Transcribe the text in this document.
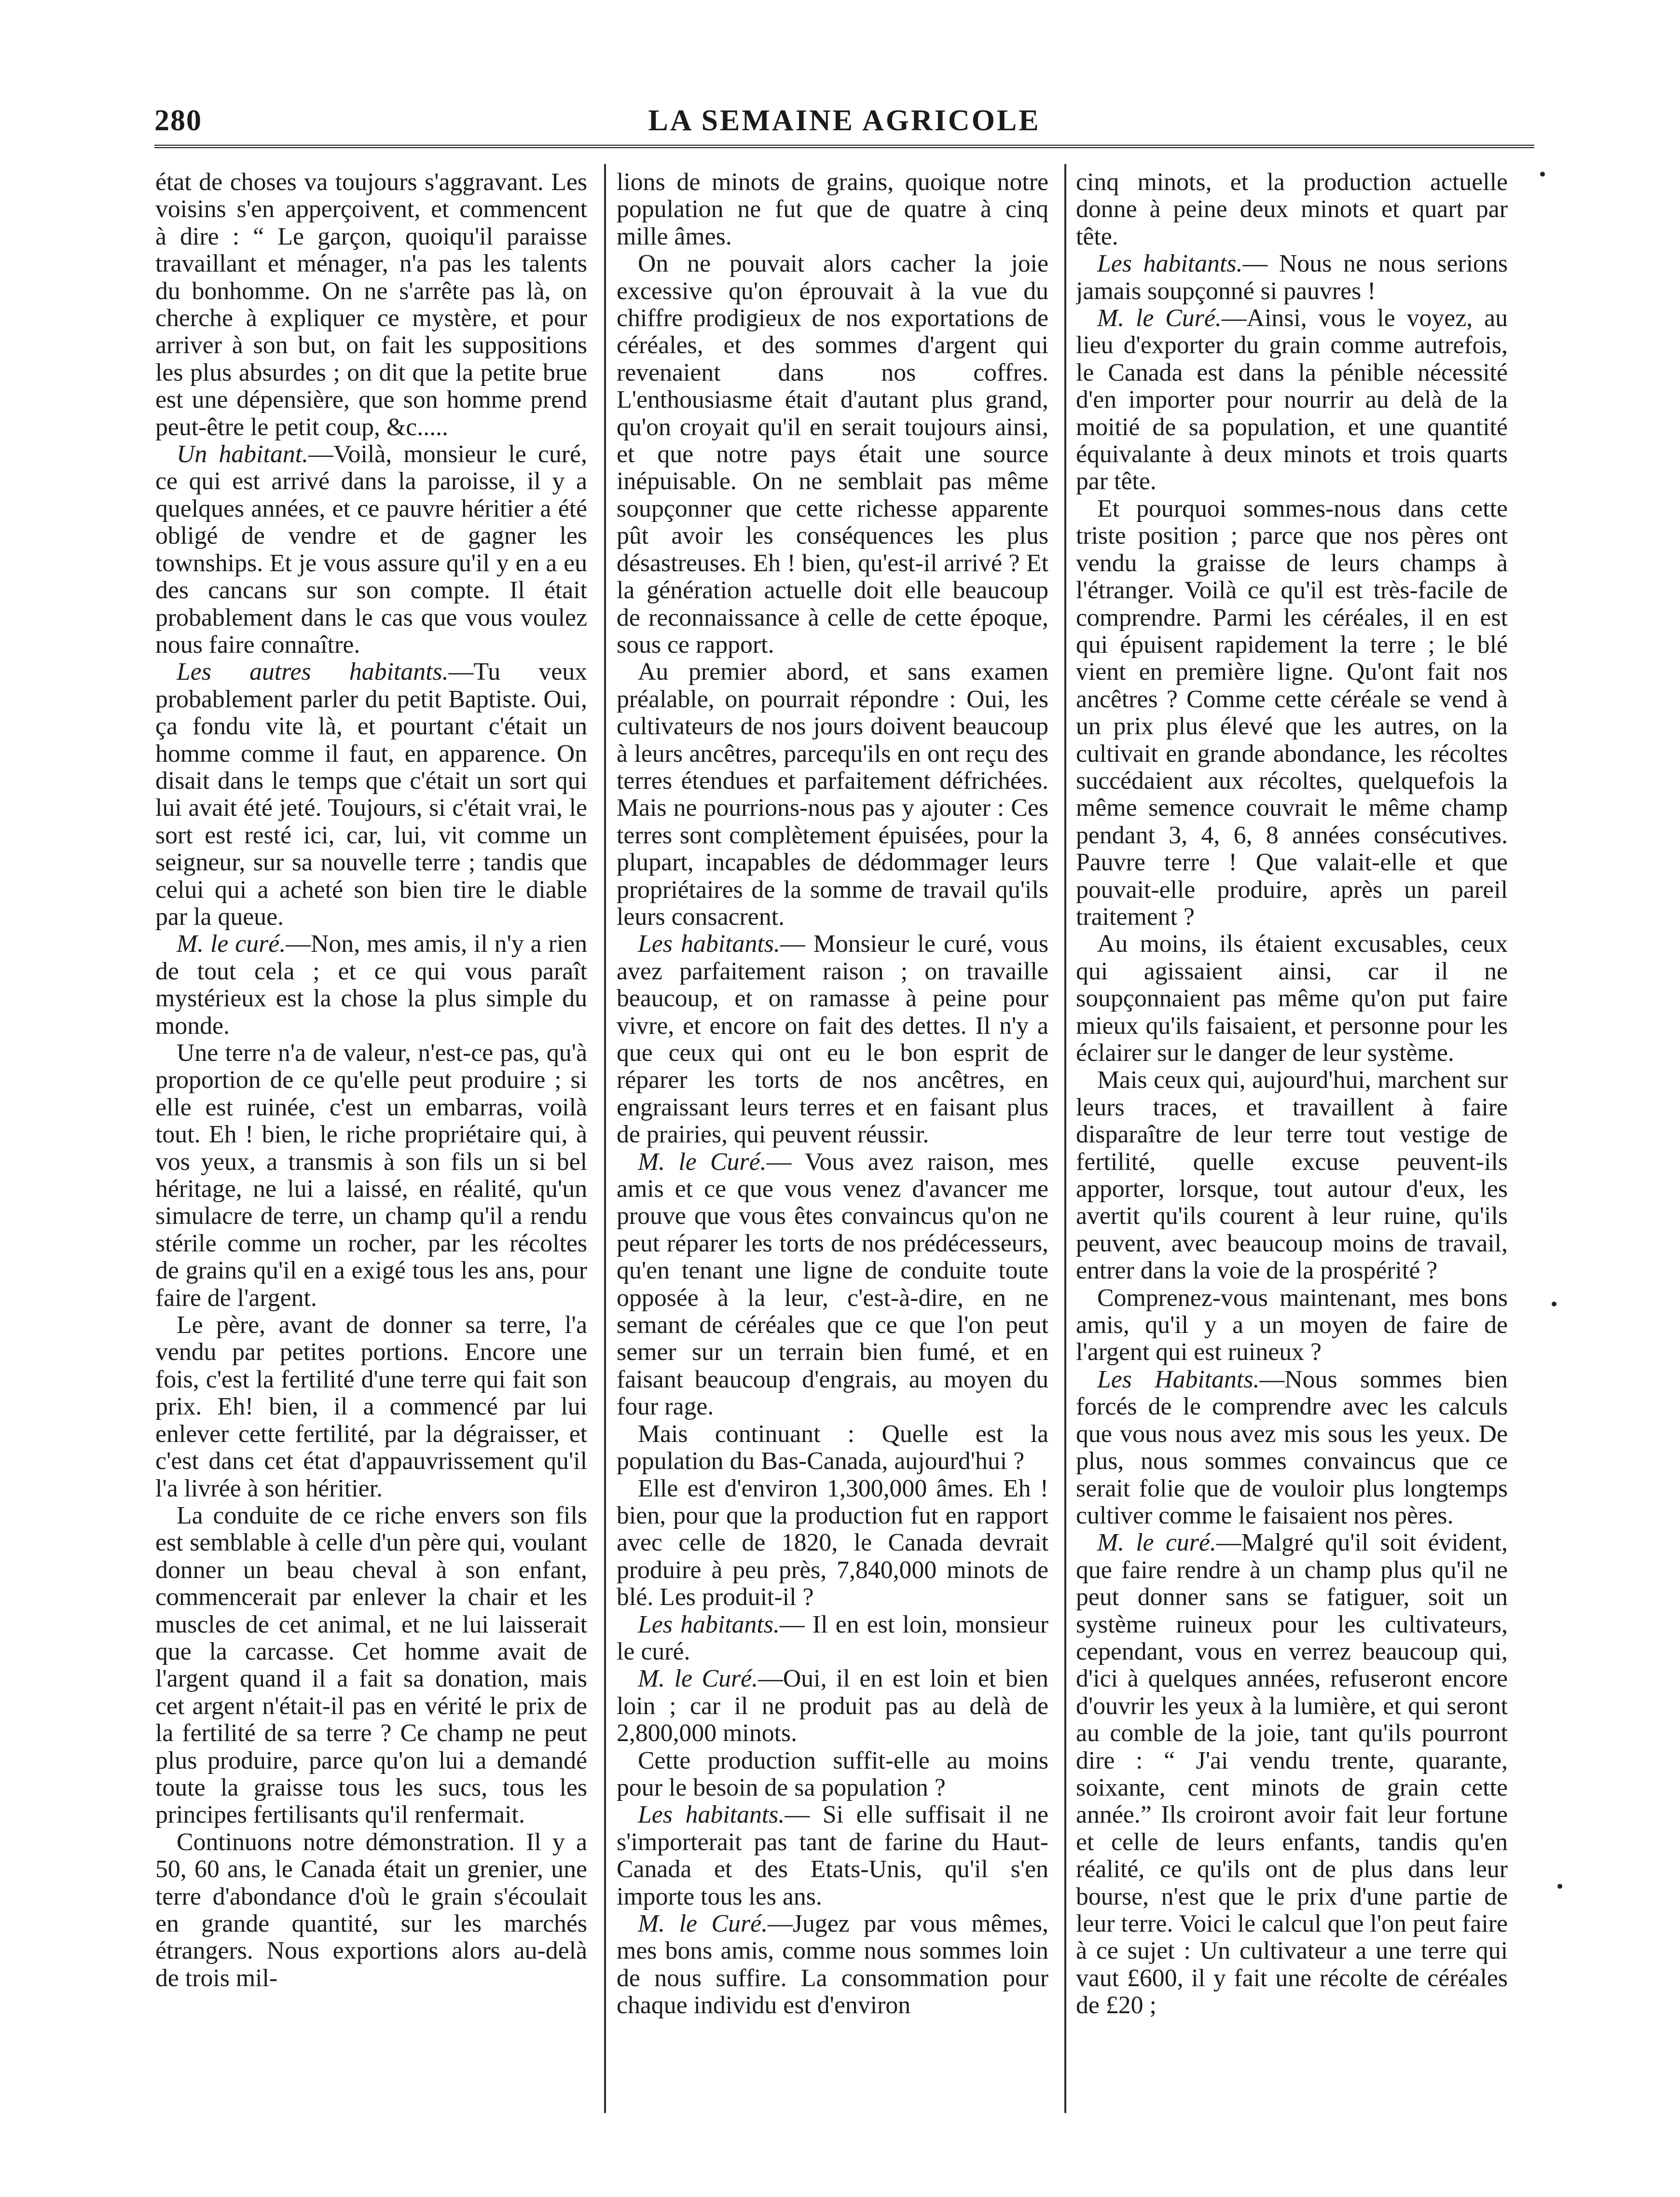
280	LA SEMAINE AGRICOLE

état de choses va toujours s'aggravant. Les voisins s'en apperçoivent, et commencent à dire : “ Le garçon, quoiqu'il paraisse travaillant et ménager, n'a pas les talents du bonhomme. On ne s'arrête pas là, on cherche à expliquer ce mystère, et pour arriver à son but, on fait les suppositions les plus absurdes ; on dit que la petite brue est une dépensière, que son homme prend peut-être le petit coup, &c.....

Un habitant.—Voilà, monsieur le curé, ce qui est arrivé dans la paroisse, il y a quelques années, et ce pauvre héritier a été obligé de vendre et de gagner les townships. Et je vous assure qu'il y en a eu des cancans sur son compte. Il était probablement dans le cas que vous voulez nous faire connaître.

Les autres habitants.—Tu veux probablement parler du petit Baptiste. Oui, ça fondu vite là, et pourtant c'était un homme comme il faut, en apparence. On disait dans le temps que c'était un sort qui lui avait été jeté. Toujours, si c'était vrai, le sort est resté ici, car, lui, vit comme un seigneur, sur sa nouvelle terre ; tandis que celui qui a acheté son bien tire le diable par la queue.

M. le curé.—Non, mes amis, il n'y a rien de tout cela ; et ce qui vous paraît mystérieux est la chose la plus simple du monde.

Une terre n'a de valeur, n'est-ce pas, qu'à proportion de ce qu'elle peut produire ; si elle est ruinée, c'est un embarras, voilà tout. Eh ! bien, le riche propriétaire qui, à vos yeux, a transmis à son fils un si bel héritage, ne lui a laissé, en réalité, qu'un simulacre de terre, un champ qu'il a rendu stérile comme un rocher, par les récoltes de grains qu'il en a exigé tous les ans, pour faire de l'argent.

Le père, avant de donner sa terre, l'a vendu par petites portions. Encore une fois, c'est la fertilité d'une terre qui fait son prix. Eh! bien, il a commencé par lui enlever cette fertilité, par la dégraisser, et c'est dans cet état d'appauvrissement qu'il l'a livrée à son héritier.

La conduite de ce riche envers son fils est semblable à celle d'un père qui, voulant donner un beau cheval à son enfant, commencerait par enlever la chair et les muscles de cet animal, et ne lui laisserait que la carcasse. Cet homme avait de l'argent quand il a fait sa donation, mais cet argent n'était-il pas en vérité le prix de la fertilité de sa terre ? Ce champ ne peut plus produire, parce qu'on lui a demandé toute la graisse tous les sucs, tous les principes fertilisants qu'il renfermait.

Continuons notre démonstration. Il y a 50, 60 ans, le Canada était un grenier, une terre d'abondance d'où le grain s'écoulait en grande quantité, sur les marchés étrangers. Nous exportions alors au-delà de trois mil-

lions de minots de grains, quoique notre population ne fut que de quatre à cinq mille âmes.

On ne pouvait alors cacher la joie excessive qu'on éprouvait à la vue du chiffre prodigieux de nos exportations de céréales, et des sommes d'argent qui revenaient dans nos coffres. L'enthousiasme était d'autant plus grand, qu'on croyait qu'il en serait toujours ainsi, et que notre pays était une source inépuisable. On ne semblait pas même soupçonner que cette richesse apparente pût avoir les conséquences les plus désastreuses. Eh ! bien, qu'est-il arrivé ? Et la génération actuelle doit elle beaucoup de reconnaissance à celle de cette époque, sous ce rapport.

Au premier abord, et sans examen préalable, on pourrait répondre : Oui, les cultivateurs de nos jours doivent beaucoup à leurs ancêtres, parcequ'ils en ont reçu des terres étendues et parfaitement défrichées. Mais ne pourrions-nous pas y ajouter : Ces terres sont complètement épuisées, pour la plupart, incapables de dédommager leurs propriétaires de la somme de travail qu'ils leurs consacrent.

Les habitants.— Monsieur le curé, vous avez parfaitement raison ; on travaille beaucoup, et on ramasse à peine pour vivre, et encore on fait des dettes. Il n'y a que ceux qui ont eu le bon esprit de réparer les torts de nos ancêtres, en engraissant leurs terres et en faisant plus de prairies, qui peuvent réussir.

M. le Curé.— Vous avez raison, mes amis et ce que vous venez d'avancer me prouve que vous êtes convaincus qu'on ne peut réparer les torts de nos prédécesseurs, qu'en tenant une ligne de conduite toute opposée à la leur, c'est-à-dire, en ne semant de céréales que ce que l'on peut semer sur un terrain bien fumé, et en faisant beaucoup d'engrais, au moyen du four rage.

Mais continuant : Quelle est la population du Bas-Canada, aujourd'hui ?

Elle est d'environ 1,300,000 âmes. Eh ! bien, pour que la production fut en rapport avec celle de 1820, le Canada devrait produire à peu près, 7,840,000 minots de blé. Les produit-il ?

Les habitants.— Il en est loin, monsieur le curé.

M. le Curé.—Oui, il en est loin et bien loin ; car il ne produit pas au delà de 2,800,000 minots.

Cette production suffit-elle au moins pour le besoin de sa population ?

Les habitants.— Si elle suffisait il ne s'importerait pas tant de farine du Haut-Canada et des Etats-Unis, qu'il s'en importe tous les ans.

M. le Curé.—Jugez par vous mêmes, mes bons amis, comme nous sommes loin de nous suffire. La consommation pour chaque individu est d'environ

cinq minots, et la production actuelle donne à peine deux minots et quart par tête.

Les habitants.— Nous ne nous serions jamais soupçonné si pauvres !

M. le Curé.—Ainsi, vous le voyez, au lieu d'exporter du grain comme autrefois, le Canada est dans la pénible nécessité d'en importer pour nourrir au delà de la moitié de sa population, et une quantité équivalante à deux minots et trois quarts par tête.

Et pourquoi sommes-nous dans cette triste position ; parce que nos pères ont vendu la graisse de leurs champs à l'étranger. Voilà ce qu'il est très-facile de comprendre. Parmi les céréales, il en est qui épuisent rapidement la terre ; le blé vient en première ligne. Qu'ont fait nos ancêtres ? Comme cette céréale se vend à un prix plus élevé que les autres, on la cultivait en grande abondance, les récoltes succédaient aux récoltes, quelquefois la même semence couvrait le même champ pendant 3, 4, 6, 8 années consécutives. Pauvre terre ! Que valait-elle et que pouvait-elle produire, après un pareil traitement ?

Au moins, ils étaient excusables, ceux qui agissaient ainsi, car il ne soupçonnaient pas même qu'on put faire mieux qu'ils faisaient, et personne pour les éclairer sur le danger de leur système.

Mais ceux qui, aujourd'hui, marchent sur leurs traces, et travaillent à faire disparaître de leur terre tout vestige de fertilité, quelle excuse peuvent-ils apporter, lorsque, tout autour d'eux, les avertit qu'ils courent à leur ruine, qu'ils peuvent, avec beaucoup moins de travail, entrer dans la voie de la prospérité ?

Comprenez-vous maintenant, mes bons amis, qu'il y a un moyen de faire de l'argent qui est ruineux ?

Les Habitants.—Nous sommes bien forcés de le comprendre avec les calculs que vous nous avez mis sous les yeux. De plus, nous sommes convaincus que ce serait folie que de vouloir plus longtemps cultiver comme le faisaient nos pères.

M. le curé.—Malgré qu'il soit évident, que faire rendre à un champ plus qu'il ne peut donner sans se fatiguer, soit un système ruineux pour les cultivateurs, cependant, vous en verrez beaucoup qui, d'ici à quelques années, refuseront encore d'ouvrir les yeux à la lumière, et qui seront au comble de la joie, tant qu'ils pourront dire : “ J'ai vendu trente, quarante, soixante, cent minots de grain cette année.” Ils croiront avoir fait leur fortune et celle de leurs enfants, tandis qu'en réalité, ce qu'ils ont de plus dans leur bourse, n'est que le prix d'une partie de leur terre. Voici le calcul que l'on peut faire à ce sujet : Un cultivateur a une terre qui vaut £600, il y fait une récolte de céréales de £20 ;
